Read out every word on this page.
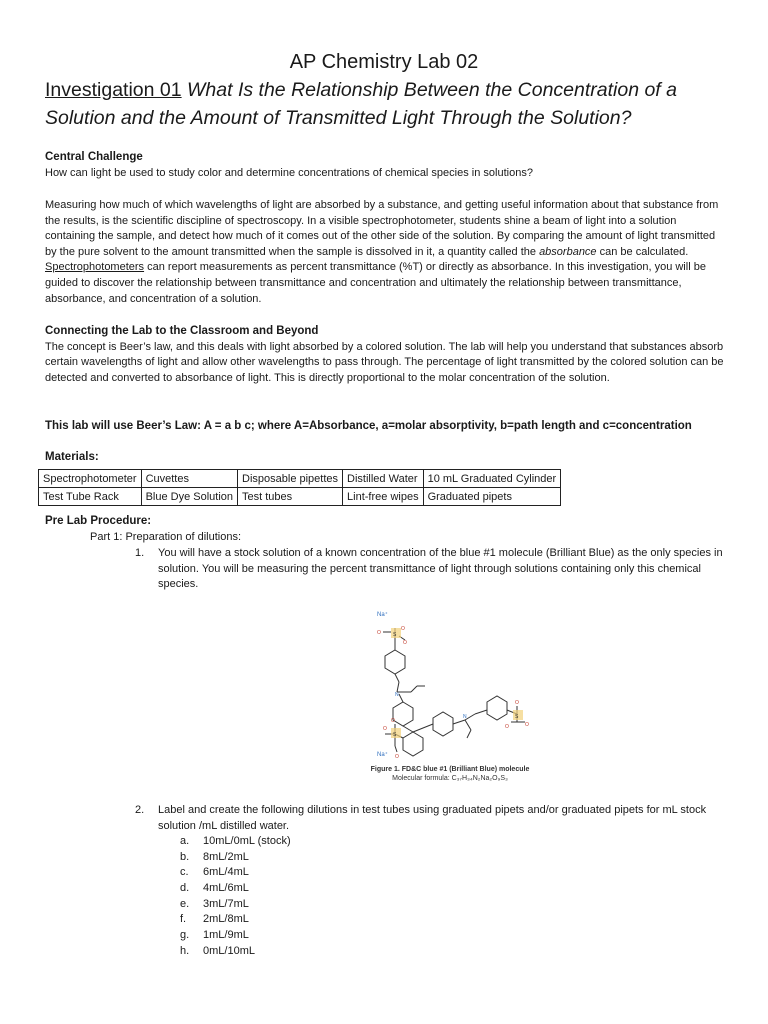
AP Chemistry Lab 02
Investigation 01 What Is the Relationship Between the Concentration of a Solution and the Amount of Transmitted Light Through the Solution?
Central Challenge

How can light be used to study color and determine concentrations of chemical species in solutions?

Measuring how much of which wavelengths of light are absorbed by a substance, and getting useful information about that substance from the results, is the scientific discipline of spectroscopy. In a visible spectrophotometer, students shine a beam of light into a solution containing the sample, and detect how much of it comes out of the other side of the solution. By comparing the amount of light transmitted by the pure solvent to the amount transmitted when the sample is dissolved in it, a quantity called the absorbance can be calculated. Spectrophotometers can report measurements as percent transmittance (%T) or directly as absorbance. In this investigation, you will be guided to discover the relationship between transmittance and concentration and ultimately the relationship between transmittance, absorbance, and concentration of a solution.

Connecting the Lab to the Classroom and Beyond

The concept is Beer’s law, and this deals with light absorbed by a colored solution. The lab will help you understand that substances absorb certain wavelengths of light and allow other wavelengths to pass through. The percentage of light transmitted by the colored solution can be detected and converted to absorbance of light. This is directly proportional to the molar concentration of the solution.

This lab will use Beer’s Law: A = a b c; where A=Absorbance, a=molar absorptivity, b=path length and c=concentration
Materials:
Spectrophotometer	Cuvettes	Disposable pipettes	Distilled Water	10 mL Graduated Cylinder
Test Tube Rack	Blue Dye Solution	Test tubes	Lint-free wipes	Graduated pipets
Pre Lab Procedure:
Part 1: Preparation of dilutions:
1. You will have a stock solution of a known concentration of the blue #1 molecule (Brilliant Blue) as the only species in solution. You will be measuring the percent transmittance of light through solutions containing only this chemical species.
Na⁺
Na⁺
O
O
O
O
O
O
O	O
O
N
N
S
S
S
Figure 1. FD&C blue #1 (Brilliant Blue) molecule
Molecular formula: C₃₇H₃₄N₂Na₂O₉S₃
2. Label and create the following dilutions in test tubes using graduated pipets and/or graduated pipets for mL stock solution /mL distilled water.
a. 10mL/0mL (stock)
b. 8mL/2mL
c. 6mL/4mL
d. 4mL/6mL
e. 3mL/7mL
f. 2mL/8mL
g. 1mL/9mL
h. 0mL/10mL
